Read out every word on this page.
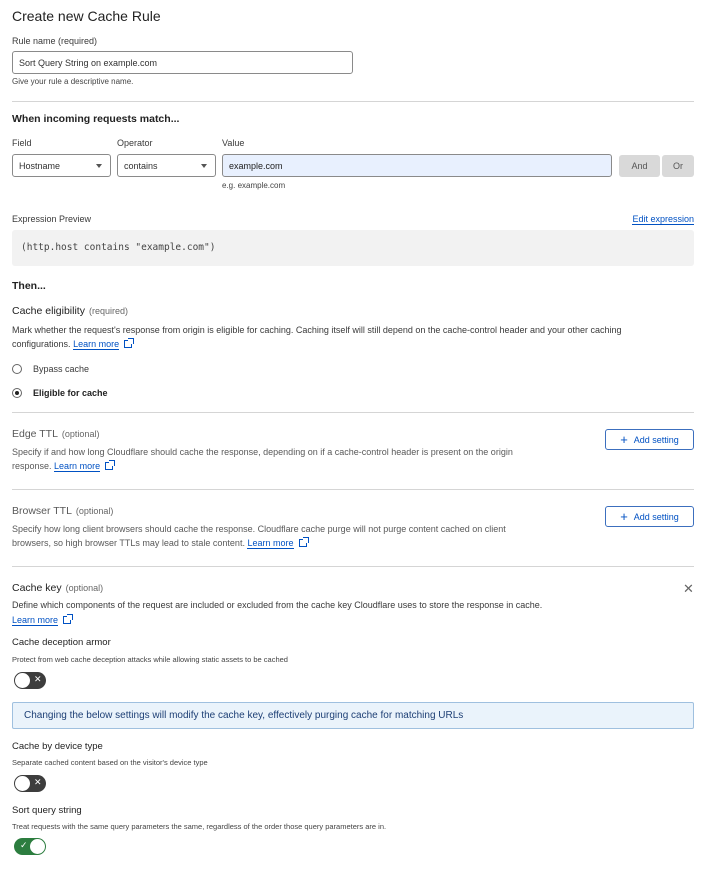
Create new Cache Rule
Rule name (required)
Sort Query String on example.com
Give your rule a descriptive name.
When incoming requests match...
Field	Operator	Value
Hostname	contains	example.com	And	Or
e.g. example.com
Expression Preview	Edit expression
(http.host contains "example.com")
Then...
Cache eligibility (required)
Mark whether the request's response from origin is eligible for caching. Caching itself will still depend on the cache-control header and your other caching
configurations. Learn more
Bypass cache
Eligible for cache
Edge TTL (optional)
Specify if and how long Cloudflare should cache the response, depending on if a cache-control header is present on the origin
response. Learn more
+ Add setting
Browser TTL (optional)
Specify how long client browsers should cache the response. Cloudflare cache purge will not purge content cached on client
browsers, so high browser TTLs may lead to stale content. Learn more
+ Add setting
Cache key (optional)	✕
Define which components of the request are included or excluded from the cache key Cloudflare uses to store the response in cache.
Learn more
Cache deception armor
Protect from web cache deception attacks while allowing static assets to be cached
✕
Changing the below settings will modify the cache key, effectively purging cache for matching URLs
Cache by device type
Separate cached content based on the visitor's device type
✕
Sort query string
Treat requests with the same query parameters the same, regardless of the order those query parameters are in.
✓
